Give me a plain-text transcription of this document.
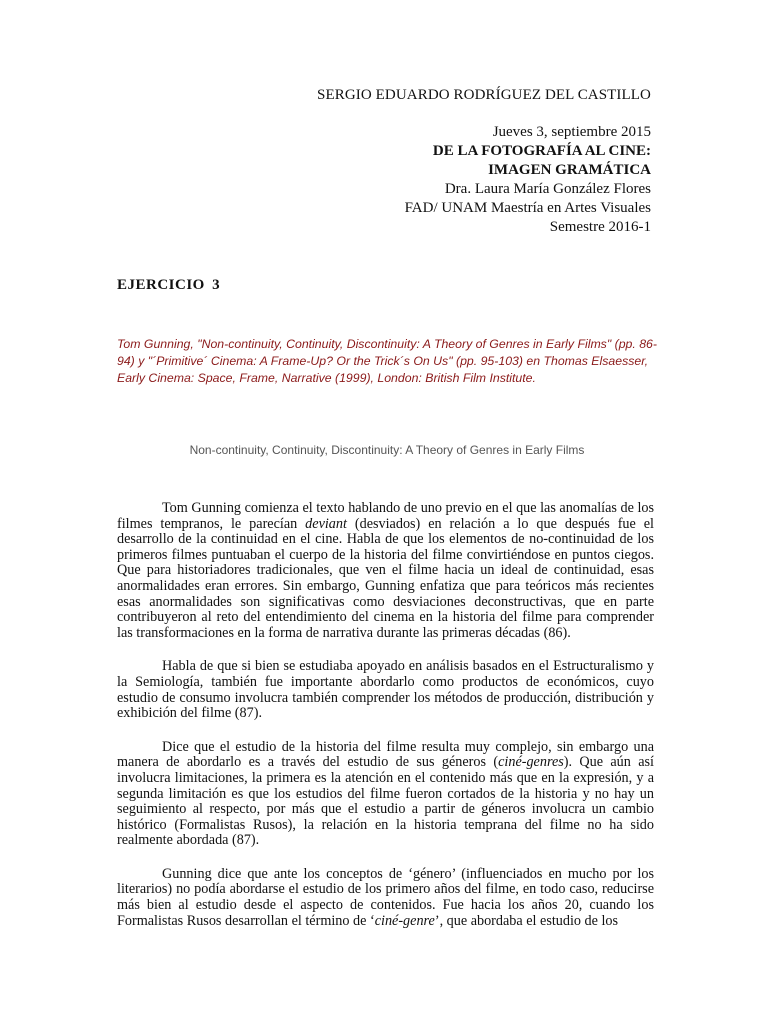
SERGIO EDUARDO RODRÍGUEZ DEL CASTILLO
Jueves 3, septiembre 2015
DE LA FOTOGRAFÍA AL CINE:
IMAGEN GRAMÁTICA
Dra. Laura María González Flores
FAD/ UNAM Maestría en Artes Visuales
Semestre 2016-1
EJERCICIO 3
Tom Gunning, "Non-continuity, Continuity, Discontinuity: A Theory of Genres in Early Films" (pp. 86-94) y "´Primitive´ Cinema: A Frame-Up? Or the Trick´s On Us" (pp. 95-103) en Thomas Elsaesser, Early Cinema: Space, Frame, Narrative (1999), London: British Film Institute.
Non-continuity, Continuity, Discontinuity: A Theory of Genres in Early Films

Tom Gunning comienza el texto hablando de uno previo en el que las anomalías de los filmes tempranos, le parecían deviant (desviados) en relación a lo que después fue el desarrollo de la continuidad en el cine. Habla de que los elementos de no-continuidad de los primeros filmes puntuaban el cuerpo de la historia del filme convirtiéndose en puntos ciegos. Que para historiadores tradicionales, que ven el filme hacia un ideal de continuidad, esas anormalidades eran errores. Sin embargo, Gunning enfatiza que para teóricos más recientes esas anormalidades son significativas como desviaciones deconstructivas, que en parte contribuyeron al reto del entendimiento del cinema en la historia del filme para comprender las transformaciones en la forma de narrativa durante las primeras décadas (86).

Habla de que si bien se estudiaba apoyado en análisis basados en el Estructuralismo y la Semiología, también fue importante abordarlo como productos de económicos, cuyo estudio de consumo involucra también comprender los métodos de producción, distribución y exhibición del filme (87).

Dice que el estudio de la historia del filme resulta muy complejo, sin embargo una manera de abordarlo es a través del estudio de sus géneros (ciné-genres). Que aún así involucra limitaciones, la primera es la atención en el contenido más que en la expresión, y a segunda limitación es que los estudios del filme fueron cortados de la historia y no hay un seguimiento al respecto, por más que el estudio a partir de géneros involucra un cambio histórico (Formalistas Rusos), la relación en la historia temprana del filme no ha sido realmente abordada (87).

Gunning dice que ante los conceptos de ‘género’ (influenciados en mucho por los literarios) no podía abordarse el estudio de los primero años del filme, en todo caso, reducirse más bien al estudio desde el aspecto de contenidos. Fue hacia los años 20, cuando los Formalistas Rusos desarrollan el término de ‘ciné-genre’, que abordaba el estudio de los
